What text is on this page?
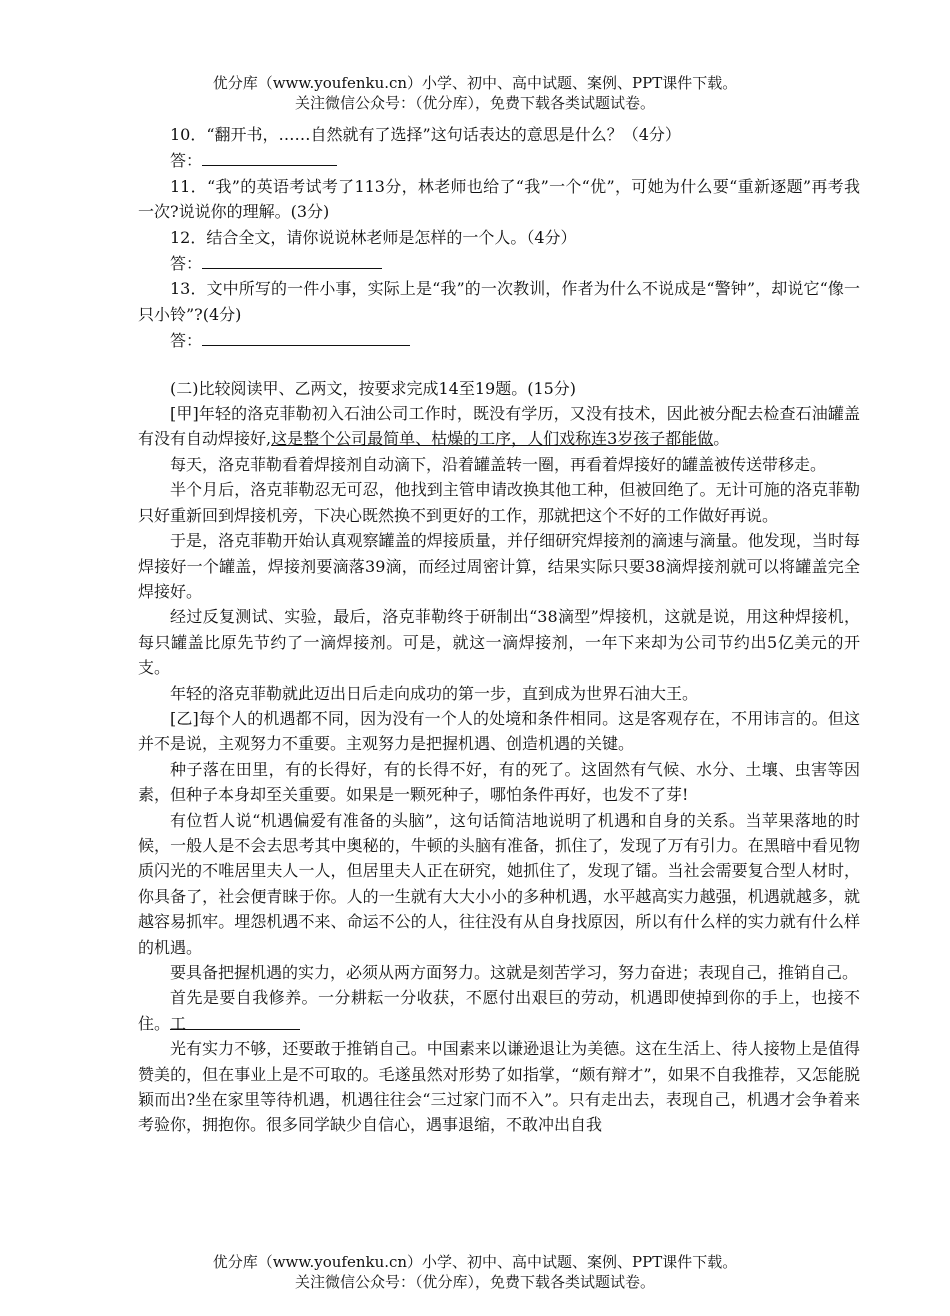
优分库（www.youfenku.cn）小学、初中、高中试题、案例、PPT课件下载。
关注微信公众号：（优分库），免费下载各类试题试卷。

10．“翻开书，……自然就有了选择”这句话表达的意思是什么？（4分）

答：

11．“我”的英语考试考了113分，林老师也给了“我”一个“优”，可她为什么要“重新逐题”再考我一次?说说你的理解。(3分)

12．结合全文，请你说说林老师是怎样的一个人。（4分）

答：

13．文中所写的一件小事，实际上是“我”的一次教训，作者为什么不说成是“警钟”，却说它“像一只小铃”?(4分)

答：

(二)比较阅读甲、乙两文，按要求完成14至19题。(15分)

[甲]年轻的洛克菲勒初入石油公司工作时，既没有学历，又没有技术，因此被分配去检查石油罐盖有没有自动焊接好,这是整个公司最简单、枯燥的工序，人们戏称连3岁孩子都能做。

每天，洛克菲勒看着焊接剂自动滴下，沿着罐盖转一圈，再看着焊接好的罐盖被传送带移走。

半个月后，洛克菲勒忍无可忍，他找到主管申请改换其他工种，但被回绝了。无计可施的洛克菲勒只好重新回到焊接机旁，下决心既然换不到更好的工作，那就把这个不好的工作做好再说。

于是，洛克菲勒开始认真观察罐盖的焊接质量，并仔细研究焊接剂的滴速与滴量。他发现，当时每焊接好一个罐盖，焊接剂要滴落39滴，而经过周密计算，结果实际只要38滴焊接剂就可以将罐盖完全焊接好。

经过反复测试、实验，最后，洛克菲勒终于研制出“38滴型”焊接机，这就是说，用这种焊接机，每只罐盖比原先节约了一滴焊接剂。可是，就这一滴焊接剂，一年下来却为公司节约出5亿美元的开支。

年轻的洛克菲勒就此迈出日后走向成功的第一步，直到成为世界石油大王。

[乙]每个人的机遇都不同，因为没有一个人的处境和条件相同。这是客观存在，不用讳言的。但这并不是说，主观努力不重要。主观努力是把握机遇、创造机遇的关键。

种子落在田里，有的长得好，有的长得不好，有的死了。这固然有气候、水分、土壤、虫害等因素，但种子本身却至关重要。如果是一颗死种子，哪怕条件再好，也发不了芽!

有位哲人说“机遇偏爱有准备的头脑”，这句话简洁地说明了机遇和自身的关系。当苹果落地的时候，一般人是不会去思考其中奥秘的，牛顿的头脑有准备，抓住了，发现了万有引力。在黑暗中看见物质闪光的不唯居里夫人一人，但居里夫人正在研究，她抓住了，发现了镭。当社会需要复合型人材时，你具备了，社会便青睐于你。人的一生就有大大小小的多种机遇，水平越高实力越强，机遇就越多，就越容易抓牢。埋怨机遇不来、命运不公的人，往往没有从自身找原因，所以有什么样的实力就有什么样的机遇。

要具备把握机遇的实力，必须从两方面努力。这就是刻苦学习，努力奋进；表现自己，推销自己。

首先是要自我修养。一分耕耘一分收获，不愿付出艰巨的劳动，机遇即使掉到你的手上，也接不住。工

光有实力不够，还要敢于推销自己。中国素来以谦逊退让为美德。这在生活上、待人接物上是值得赞美的，但在事业上是不可取的。毛遂虽然对形势了如指掌，“颇有辩才”，如果不自我推荐，又怎能脱颖而出?坐在家里等待机遇，机遇往往会“三过家门而不入”。只有走出去，表现自己，机遇才会争着来考验你，拥抱你。很多同学缺少自信心，遇事退缩，不敢冲出自我

优分库（www.youfenku.cn）小学、初中、高中试题、案例、PPT课件下载。
关注微信公众号：（优分库），免费下载各类试题试卷。
